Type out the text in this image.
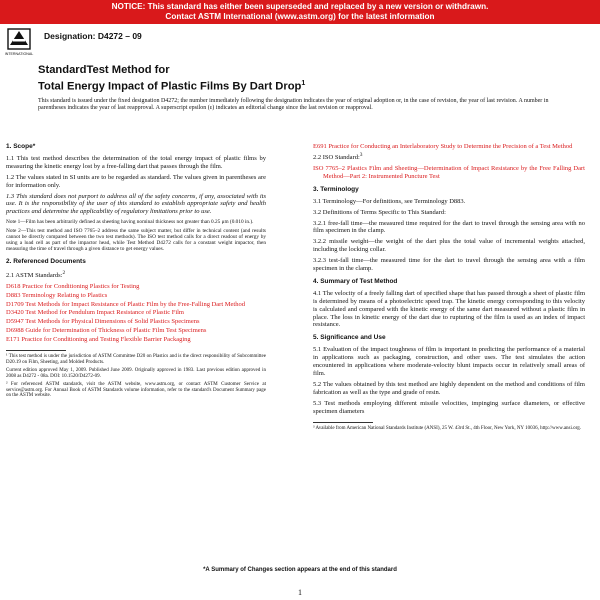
NOTICE: This standard has either been superseded and replaced by a new version or withdrawn.
Contact ASTM International (www.astm.org) for the latest information
INTERNATIONAL
Designation: D4272 – 09
StandardTest Method for
Total Energy Impact of Plastic Films By Dart Drop$^1$
This standard is issued under the fixed designation D4272; the number immediately following the designation indicates the year of original adoption or, in the case of revision, the year of last revision. A number in parentheses indicates the year of last reapproval. A superscript epsilon (ε) indicates an editorial change since the last revision or reapproval.
1. Scope*

1.1 This test method describes the determination of the total energy impact of plastic films by measuring the kinetic energy lost by a free-falling dart that passes through the film.

1.2 The values stated in SI units are to be regarded as standard. The values given in parentheses are for information only.

1.3 This standard does not purport to address all of the safety concerns, if any, associated with its use. It is the responsibility of the user of this standard to establish appropriate safety and health practices and determine the applicability of regulatory limitations prior to use.

Note 1—Film has been arbitrarily defined as sheeting having nominal thickness not greater than 0.25 μm (0.010 in.).

Note 2—This test method and ISO 7765–2 address the same subject matter, but differ in technical content (and results cannot be directly compared between the two test methods). The ISO test method calls for a direct readout of energy by using a load cell as part of the impactor head, while Test Method D4272 calls for a constant weight impactor, then measuring the time of travel through a given distance to get energy values.

2. Referenced Documents

2.1 ASTM Standards:$^2$

D618 Practice for Conditioning Plastics for Testing

D883 Terminology Relating to Plastics

D1709 Test Methods for Impact Resistance of Plastic Film by the Free-Falling Dart Method

D3420 Test Method for Pendulum Impact Resistance of Plastic Film

D5947 Test Methods for Physical Dimensions of Solid Plastics Specimens

D6988 Guide for Determination of Thickness of Plastic Film Test Specimens

E171 Practice for Conditioning and Testing Flexible Barrier Packaging

¹ This test method is under the jurisdiction of ASTM Committee D20 on Plastics and is the direct responsibility of Subcommittee D20.19 on Film, Sheeting, and Molded Products.

Current edition approved May 1, 2009. Published June 2009. Originally approved in 1983. Last previous edition approved in 2008 as D4272 - 08a. DOI: 10.1520/D4272-09.

² For referenced ASTM standards, visit the ASTM website, www.astm.org, or contact ASTM Customer Service at service@astm.org. For Annual Book of ASTM Standards volume information, refer to the standard's Document Summary page on the ASTM website.

E691 Practice for Conducting an Interlaboratory Study to Determine the Precision of a Test Method

2.2 ISO Standard:$^3$

ISO 7765–2 Plastics Film and Sheeting—Determination of Impact Resistance by the Free Falling Dart Method—Part 2: Instrumented Puncture Test

3. Terminology

3.1 Terminology—For definitions, see Terminology D883.

3.2 Definitions of Terms Specific to This Standard:

3.2.1 free-fall time—the measured time required for the dart to travel through the sensing area with no film specimen in the clamp.

3.2.2 missile weight—the weight of the dart plus the total value of incremental weights attached, including the locking collar.

3.2.3 test-fall time—the measured time for the dart to travel through the sensing area with a film specimen in the clamp.

4. Summary of Test Method

4.1 The velocity of a freely falling dart of specified shape that has passed through a sheet of plastic film is determined by means of a photoelectric speed trap. The kinetic energy corresponding to this velocity is calculated and compared with the kinetic energy of the same dart measured without a plastic film in place. The loss in kinetic energy of the dart due to rupturing of the film is used as an index of impact resistance.

5. Significance and Use

5.1 Evaluation of the impact toughness of film is important in predicting the performance of a material in applications such as packaging, construction, and other uses. The test simulates the action encountered in applications where moderate-velocity blunt impacts occur in relatively small areas of film.

5.2 The values obtained by this test method are highly dependent on the method and conditions of film fabrication as well as the type and grade of resin.

5.3 Test methods employing different missile velocities, impinging surface diameters, or effective specimen diameters

³ Available from American National Standards Institute (ANSI), 25 W. 43rd St., 4th Floor, New York, NY 10036, http://www.ansi.org.

*A Summary of Changes section appears at the end of this standard
1
